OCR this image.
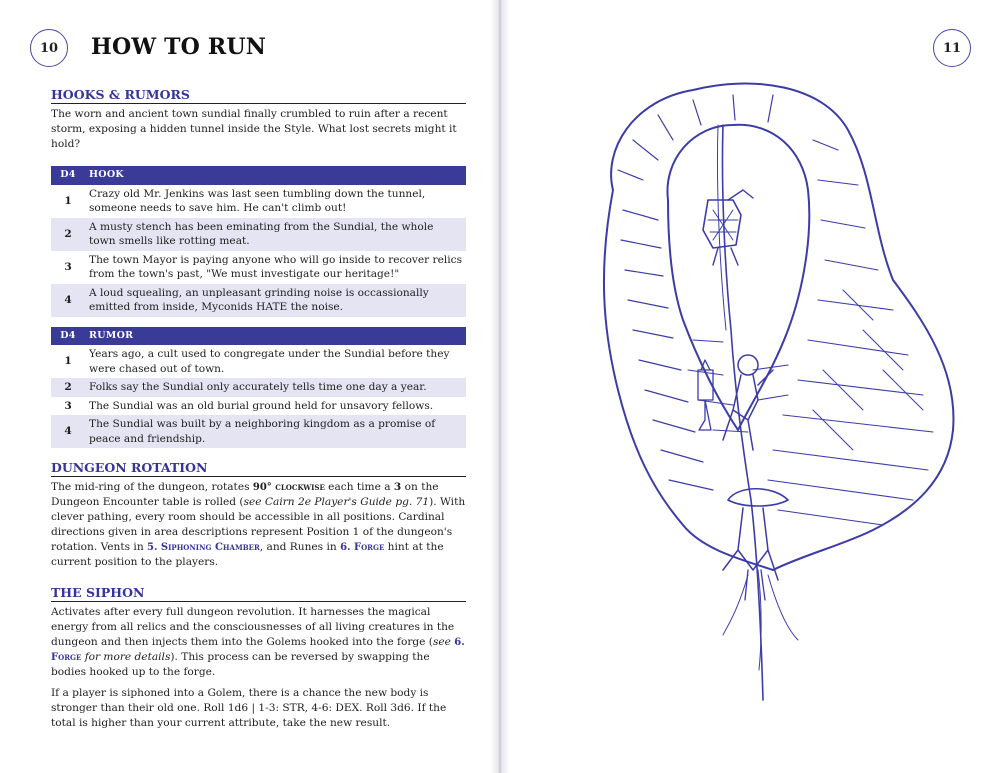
10	HOW TO RUN
HOOKS & RUMORS

The worn and ancient town sundial finally crumbled to ruin after a recent storm, exposing a hidden tunnel inside the Style. What lost secrets might it hold?

D4	HOOK
1	Crazy old Mr. Jenkins was last seen tumbling down the tunnel, someone needs to save him. He can't climb out!
2	A musty stench has been eminating from the Sundial, the whole town smells like rotting meat.
3	The town Mayor is paying anyone who will go inside to recover relics from the town's past, "We must investigate our heritage!"
4	A loud squealing, an unpleasant grinding noise is occassionally emitted from inside, Myconids HATE the noise.
D4	RUMOR
1	Years ago, a cult used to congregate under the Sundial before they were chased out of town.
2	Folks say the Sundial only accurately tells time one day a year.
3	The Sundial was an old burial ground held for unsavory fellows.
4	The Sundial was built by a neighboring kingdom as a promise of peace and friendship.
DUNGEON ROTATION

The mid-ring of the dungeon, rotates 90° clockwise each time a 3 on the Dungeon Encounter table is rolled (see Cairn 2e Player's Guide pg. 71). With clever pathing, every room should be accessible in all positions. Cardinal directions given in area descriptions represent Position 1 of the dungeon's rotation. Vents in 5. Siphoning Chamber, and Runes in 6. Forge hint at the current position to the players.

THE SIPHON

Activates after every full dungeon revolution. It harnesses the magical energy from all relics and the consciousnesses of all living creatures in the dungeon and then injects them into the Golems hooked into the forge (see 6. Forge for more details). This process can be reversed by swapping the bodies hooked up to the forge.

If a player is siphoned into a Golem, there is a chance the new body is stronger than their old one. Roll 1d6 | 1-3: STR, 4-6: DEX. Roll 3d6. If the total is higher than your current attribute, take the new result.

11
